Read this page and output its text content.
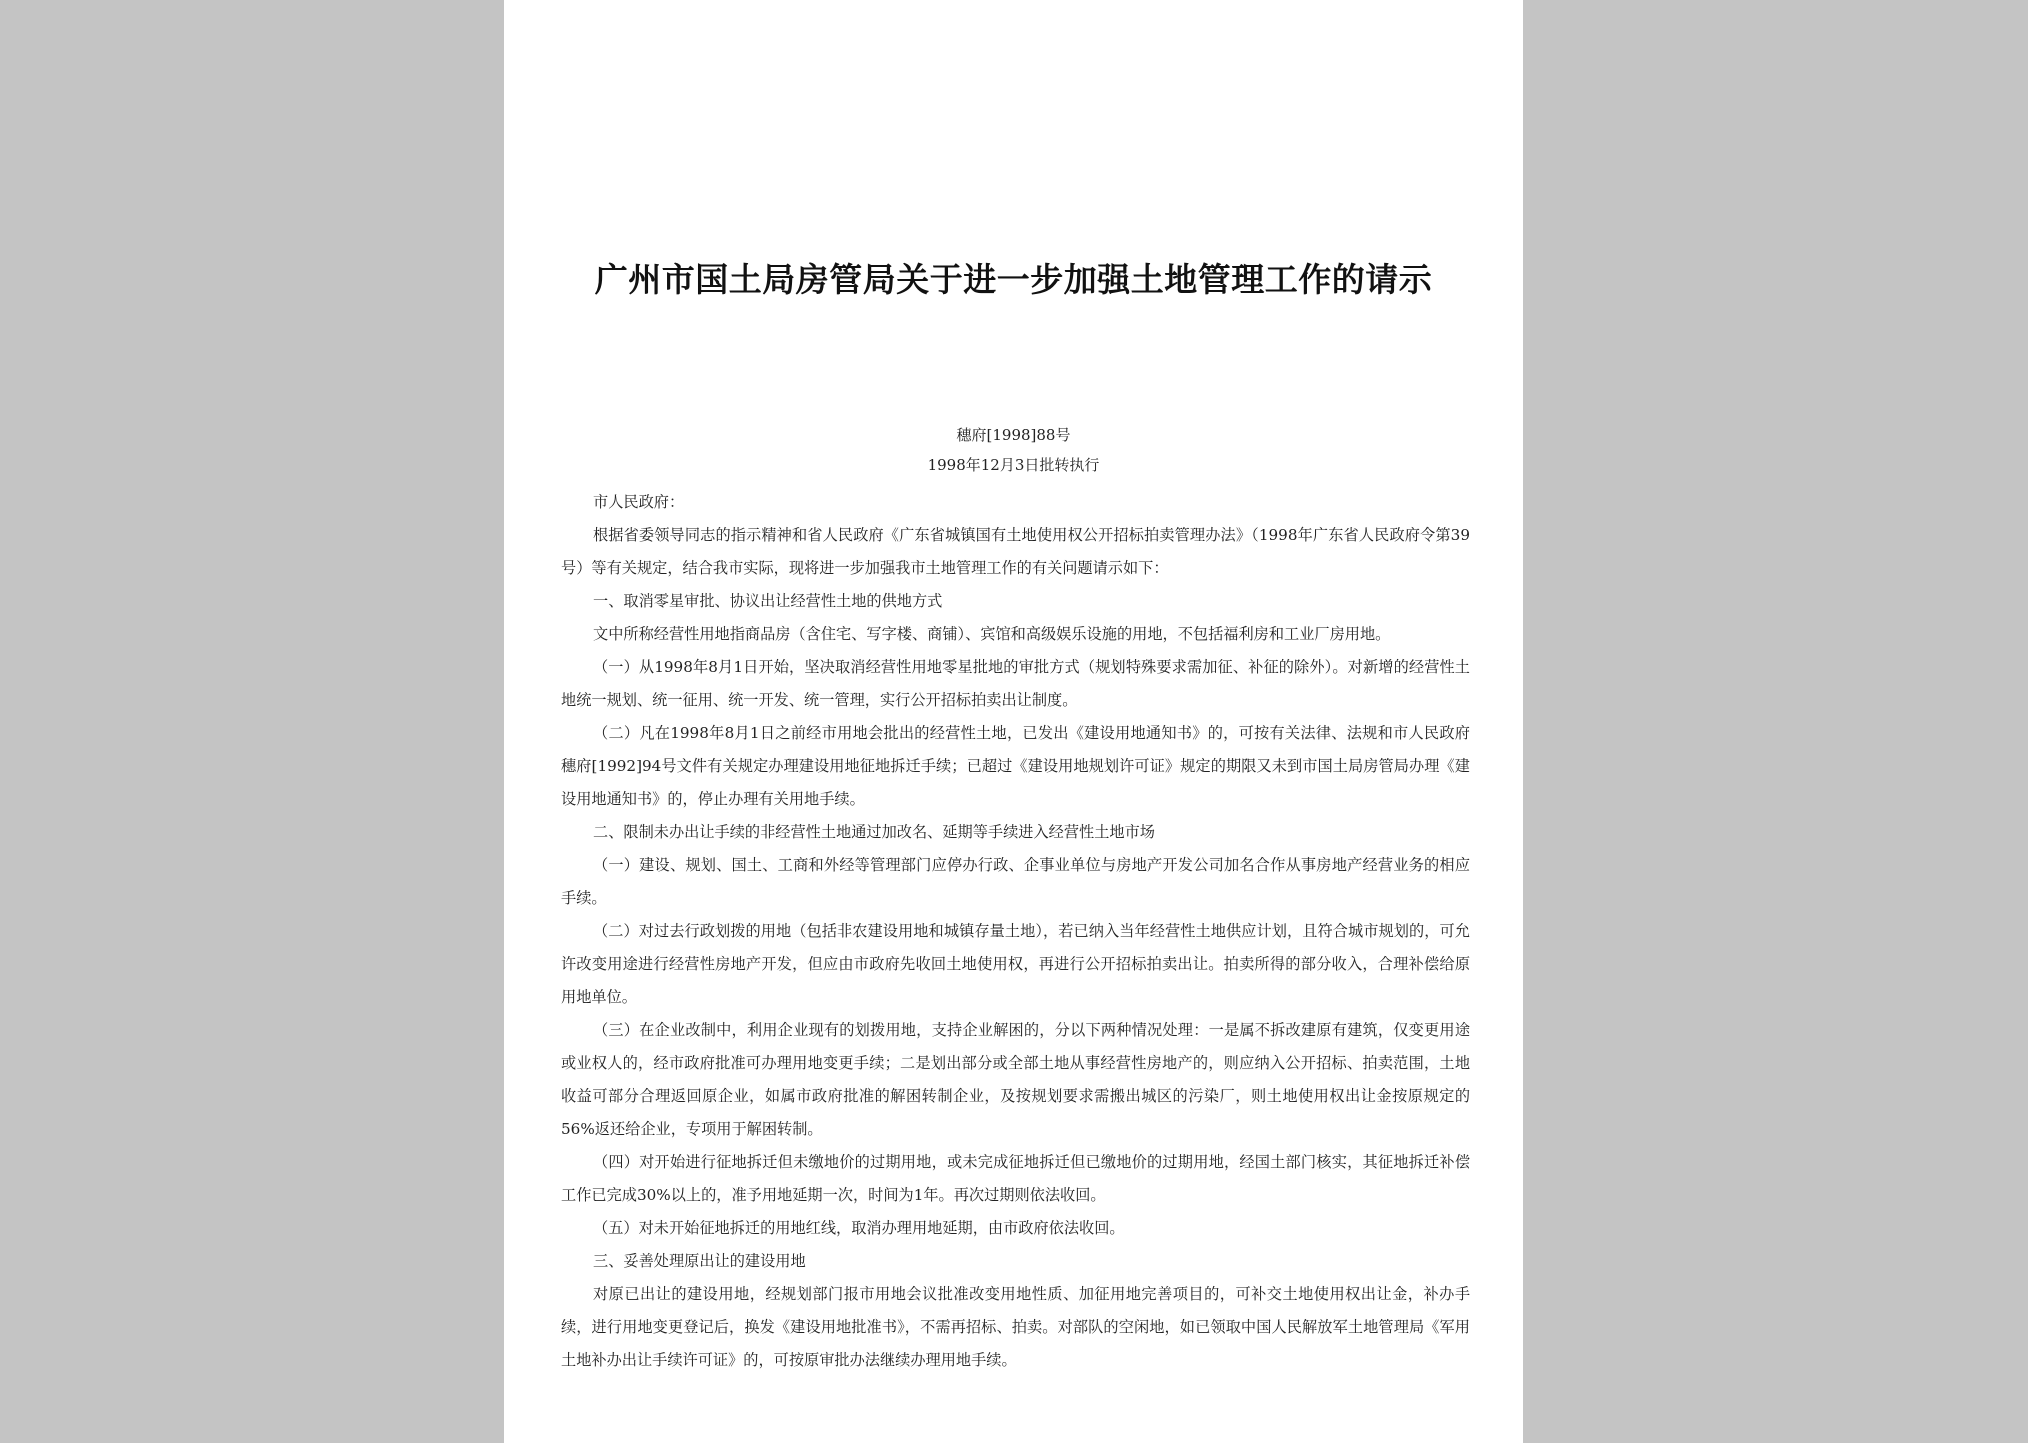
广州市国土局房管局关于进一步加强土地管理工作的请示
穗府[1998]88号
1998年12月3日批转执行

市人民政府：

根据省委领导同志的指示精神和省人民政府《广东省城镇国有土地使用权公开招标拍卖管理办法》（1998年广东省人民政府令第39号）等有关规定，结合我市实际，现将进一步加强我市土地管理工作的有关问题请示如下：

一、取消零星审批、协议出让经营性土地的供地方式

文中所称经营性用地指商品房（含住宅、写字楼、商铺）、宾馆和高级娱乐设施的用地，不包括福利房和工业厂房用地。

（一）从1998年8月1日开始，坚决取消经营性用地零星批地的审批方式（规划特殊要求需加征、补征的除外）。对新增的经营性土地统一规划、统一征用、统一开发、统一管理，实行公开招标拍卖出让制度。

（二）凡在1998年8月1日之前经市用地会批出的经营性土地，已发出《建设用地通知书》的，可按有关法律、法规和市人民政府穗府[1992]94号文件有关规定办理建设用地征地拆迁手续；已超过《建设用地规划许可证》规定的期限又未到市国土局房管局办理《建设用地通知书》的，停止办理有关用地手续。

二、限制未办出让手续的非经营性土地通过加改名、延期等手续进入经营性土地市场

（一）建设、规划、国土、工商和外经等管理部门应停办行政、企事业单位与房地产开发公司加名合作从事房地产经营业务的相应手续。

（二）对过去行政划拨的用地（包括非农建设用地和城镇存量土地），若已纳入当年经营性土地供应计划，且符合城市规划的，可允许改变用途进行经营性房地产开发，但应由市政府先收回土地使用权，再进行公开招标拍卖出让。拍卖所得的部分收入，合理补偿给原用地单位。

（三）在企业改制中，利用企业现有的划拨用地，支持企业解困的，分以下两种情况处理：一是属不拆改建原有建筑，仅变更用途或业权人的，经市政府批准可办理用地变更手续；二是划出部分或全部土地从事经营性房地产的，则应纳入公开招标、拍卖范围，土地收益可部分合理返回原企业，如属市政府批准的解困转制企业，及按规划要求需搬出城区的污染厂，则土地使用权出让金按原规定的56%返还给企业，专项用于解困转制。

（四）对开始进行征地拆迁但未缴地价的过期用地，或未完成征地拆迁但已缴地价的过期用地，经国土部门核实，其征地拆迁补偿工作已完成30%以上的，准予用地延期一次，时间为1年。再次过期则依法收回。

（五）对未开始征地拆迁的用地红线，取消办理用地延期，由市政府依法收回。

三、妥善处理原出让的建设用地

对原已出让的建设用地，经规划部门报市用地会议批准改变用地性质、加征用地完善项目的，可补交土地使用权出让金，补办手续，进行用地变更登记后，换发《建设用地批准书》，不需再招标、拍卖。对部队的空闲地，如已领取中国人民解放军土地管理局《军用土地补办出让手续许可证》的，可按原审批办法继续办理用地手续。
